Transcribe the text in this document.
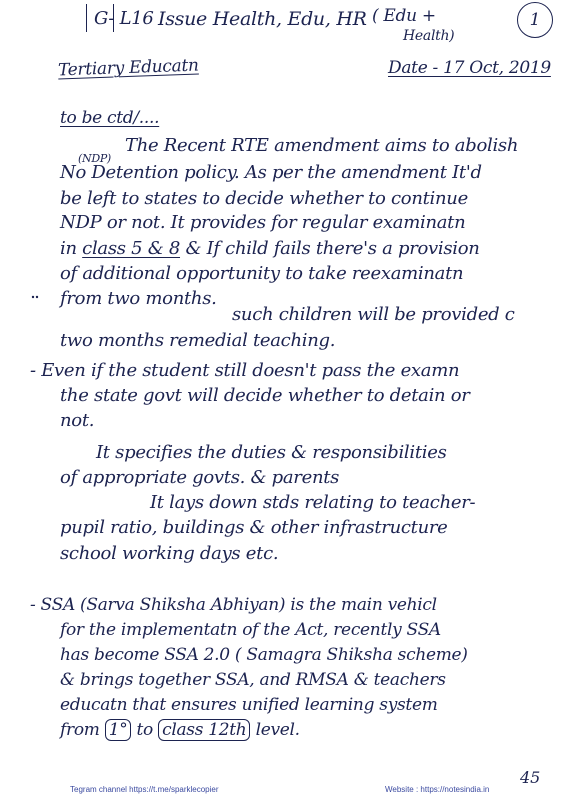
G- L16 Issue Health, Edu, HR ( Edu +
Health)
1
Tertiary Educatn	Date - 17 Oct, 2019
to be ctd/....
The Recent RTE amendment aims to abolish
(NDP)
No Detention policy. As per the amendment It'd
be left to states to decide whether to continue
NDP or not. It provides for regular examinatn
in class 5 & 8 & If child fails there's a provision
of additional opportunity to take reexaminatn
from two months.
such children will be provided c
two months remedial teaching.
- Even if the student still doesn't pass the examn
the state govt will decide whether to detain or
not.
It specifies the duties & responsibilities
of appropriate govts. & parents
It lays down stds relating to teacher-
pupil ratio, buildings & other infrastructure
school working days etc.
- SSA (Sarva Shiksha Abhiyan) is the main vehicl
for the implementatn of the Act, recently SSA
has become SSA 2.0 ( Samagra Shiksha scheme)
& brings together SSA, and RMSA & teachers
educatn that ensures unified learning system
from 1° to class 12th level.
Tegram channel https://t.me/sparklecopier	Website : https://notesindia.in
45
